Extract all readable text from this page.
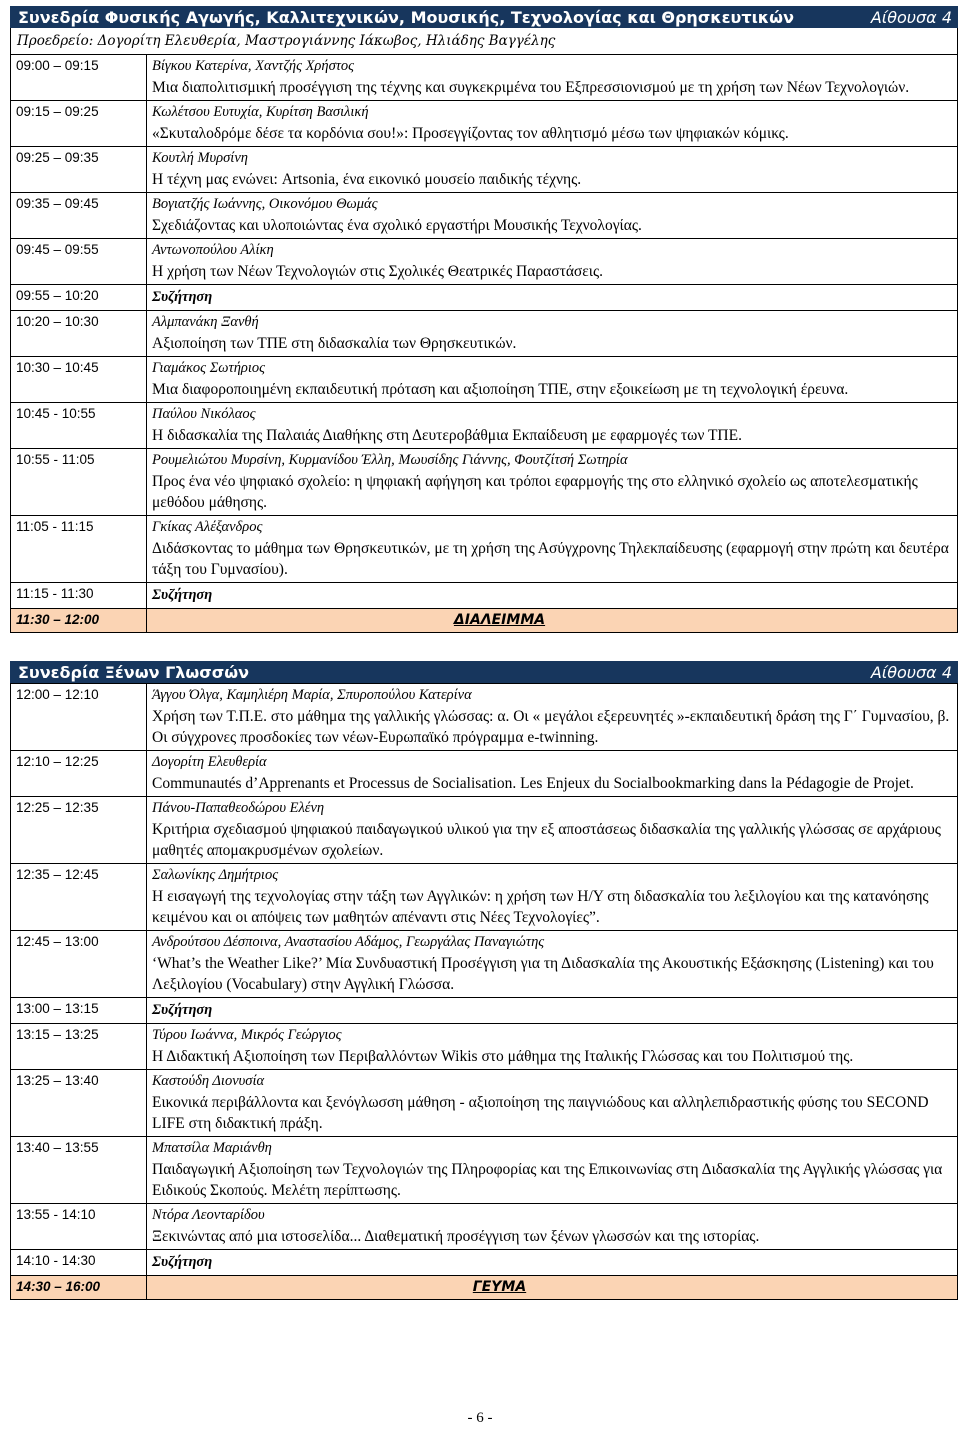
Συνεδρία Φυσικής Αγωγής, Καλλιτεχνικών, Μουσικής, Τεχνολογίας και Θρησκευτικών	Αίθουσα 4
Προεδρείο: Δογορίτη Ελευθερία, Μαστρογιάννης Ιάκωβος, Ηλιάδης Βαγγέλης
09:00 – 09:15	Βίγκου Κατερίνα, Χαντζής Χρήστος
Μια διαπολιτισμική προσέγγιση της τέχνης και συγκεκριμένα του Εξπρεσσιονισμού με τη χρήση των Νέων Τεχνολογιών.

09:15 – 09:25	Κωλέτσου Ευτυχία, Κυρίτση Βασιλική
«Σκυταλοδρόμε δέσε τα κορδόνια σου!»: Προσεγγίζοντας τον αθλητισμό μέσω των ψηφιακών κόμικς.

09:25 – 09:35	Κουτλή Μυρσίνη
Η τέχνη μας ενώνει: Artsonia, ένα εικονικό μουσείο παιδικής τέχνης.

09:35 – 09:45	Βογιατζής Ιωάννης, Οικονόμου Θωμάς
Σχεδιάζοντας και υλοποιώντας ένα σχολικό εργαστήρι Μουσικής Τεχνολογίας.

09:45 – 09:55	Αντωνοπούλου Αλίκη
Η χρήση των Νέων Τεχνολογιών στις Σχολικές Θεατρικές Παραστάσεις.

09:55 – 10:20	Συζήτηση
10:20 – 10:30	Αλμπανάκη Ξανθή
Αξιοποίηση των ΤΠΕ στη διδασκαλία των Θρησκευτικών.

10:30 – 10:45	Γιαμάκος Σωτήριος
Μια διαφοροποιημένη εκπαιδευτική πρόταση και αξιοποίηση ΤΠΕ, στην εξοικείωση με τη τεχνολογική έρευνα.

10:45 - 10:55	Παύλου Νικόλαος
Η διδασκαλία της Παλαιάς Διαθήκης στη Δευτεροβάθμια Εκπαίδευση με εφαρμογές των ΤΠΕ.

10:55 - 11:05	Ρουμελιώτου Μυρσίνη, Κυρμανίδου Έλλη, Μωυσίδης Γιάννης, Φουτζίτσή Σωτηρία
Προς ένα νέο ψηφιακό σχολείο: η ψηφιακή αφήγηση και τρόποι εφαρμογής της στο ελληνικό σχολείο ως αποτελεσματικής μεθόδου μάθησης.

11:05 - 11:15	Γκίκας Αλέξανδρος
Διδάσκοντας το μάθημα των Θρησκευτικών, με τη χρήση της Ασύγχρονης Τηλεκπαίδευσης (εφαρμογή στην πρώτη και δευτέρα τάξη του Γυμνασίου).

11:15 - 11:30	Συζήτηση
11:30 – 12:00	ΔΙΑΛΕΙΜΜΑ
Συνεδρία Ξένων Γλωσσών	Αίθουσα 4
12:00 – 12:10	Άγγου Όλγα, Καμηλιέρη Μαρία, Σπυροπούλου Κατερίνα
Χρήση των Τ.Π.Ε. στο μάθημα της γαλλικής γλώσσας: α. Οι « μεγάλοι εξερευνητές »-εκπαιδευτική δράση της Γ΄ Γυμνασίου, β. Οι σύγχρονες προσδοκίες των νέων-Ευρωπαϊκό πρόγραμμα e-twinning.

12:10 – 12:25	Δογορίτη Ελευθερία
Communautés d’Apprenants et Processus de Socialisation. Les Enjeux du Socialbookmarking dans la Pédagogie de Projet.

12:25 – 12:35	Πάνου-Παπαθεοδώρου Ελένη
Κριτήρια σχεδιασμού ψηφιακού παιδαγωγικού υλικού για την εξ αποστάσεως διδασκαλία της γαλλικής γλώσσας σε αρχάριους μαθητές απομακρυσμένων σχολείων.

12:35 – 12:45	Σαλωνίκης Δημήτριος
Η εισαγωγή της τεχνολογίας στην τάξη των Αγγλικών: η χρήση των Η/Υ στη διδασκαλία του λεξιλογίου και της κατανόησης κειμένου και οι απόψεις των μαθητών απέναντι στις Νέες Τεχνολογίες”.

12:45 – 13:00	Ανδρούτσου Δέσποινα, Αναστασίου Αδάμος, Γεωργάλας Παναγιώτης
‘What’s the Weather Like?’ Μία Συνδυαστική Προσέγγιση για τη Διδασκαλία της Ακουστικής Εξάσκησης (Listening) και του Λεξιλογίου (Vocabulary) στην Αγγλική Γλώσσα.

13:00 – 13:15	Συζήτηση
13:15 – 13:25	Τύρου Ιωάννα, Μικρός Γεώργιος
Η Διδακτική Αξιοποίηση των Περιβαλλόντων Wikis στο μάθημα της Ιταλικής Γλώσσας και του Πολιτισμού της.

13:25 – 13:40	Καστούδη Διονυσία
Εικονικά περιβάλλοντα και ξενόγλωσση μάθηση - αξιοποίηση της παιγνιώδους και αλληλεπιδραστικής φύσης του SECOND LIFE στη διδακτική πράξη.

13:40 – 13:55	Μπατσίλα Μαριάνθη
Παιδαγωγική Αξιοποίηση των Τεχνολογιών της Πληροφορίας και της Επικοινωνίας στη Διδασκαλία της Αγγλικής γλώσσας για Ειδικούς Σκοπούς. Μελέτη περίπτωσης.

13:55 - 14:10	Ντόρα Λεονταρίδου
Ξεκινώντας από μια ιστοσελίδα... Διαθεματική προσέγγιση των ξένων γλωσσών και της ιστορίας.

14:10 - 14:30	Συζήτηση
14:30 – 16:00	ΓΕΥΜΑ
- 6 -
